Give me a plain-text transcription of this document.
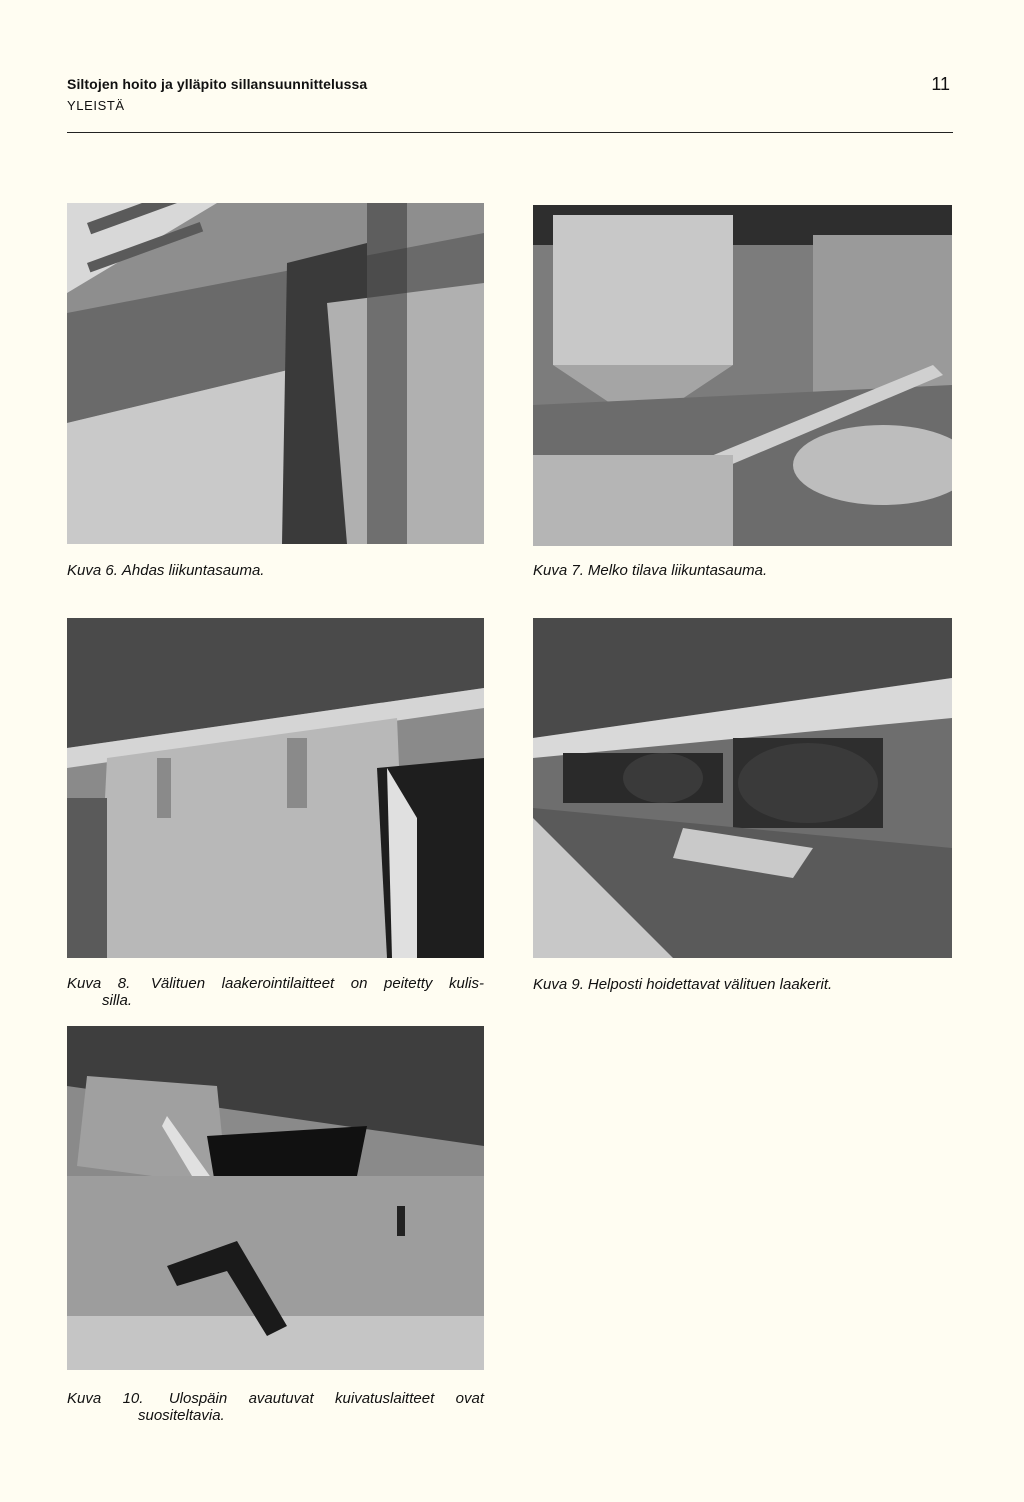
Siltojen hoito ja ylläpito sillansuunnittelussa
YLEISTÄ
11
Kuva 6. Ahdas liikuntasauma.	Kuva 7. Melko tilava liikuntasauma.
Kuva 8. Välituen laakerointilaitteet on peitetty kulis-
silla.
Kuva 9. Helposti hoidettavat välituen laakerit.
Kuva 10. Ulospäin avautuvat kuivatuslaitteet ovat
suositeltavia.
